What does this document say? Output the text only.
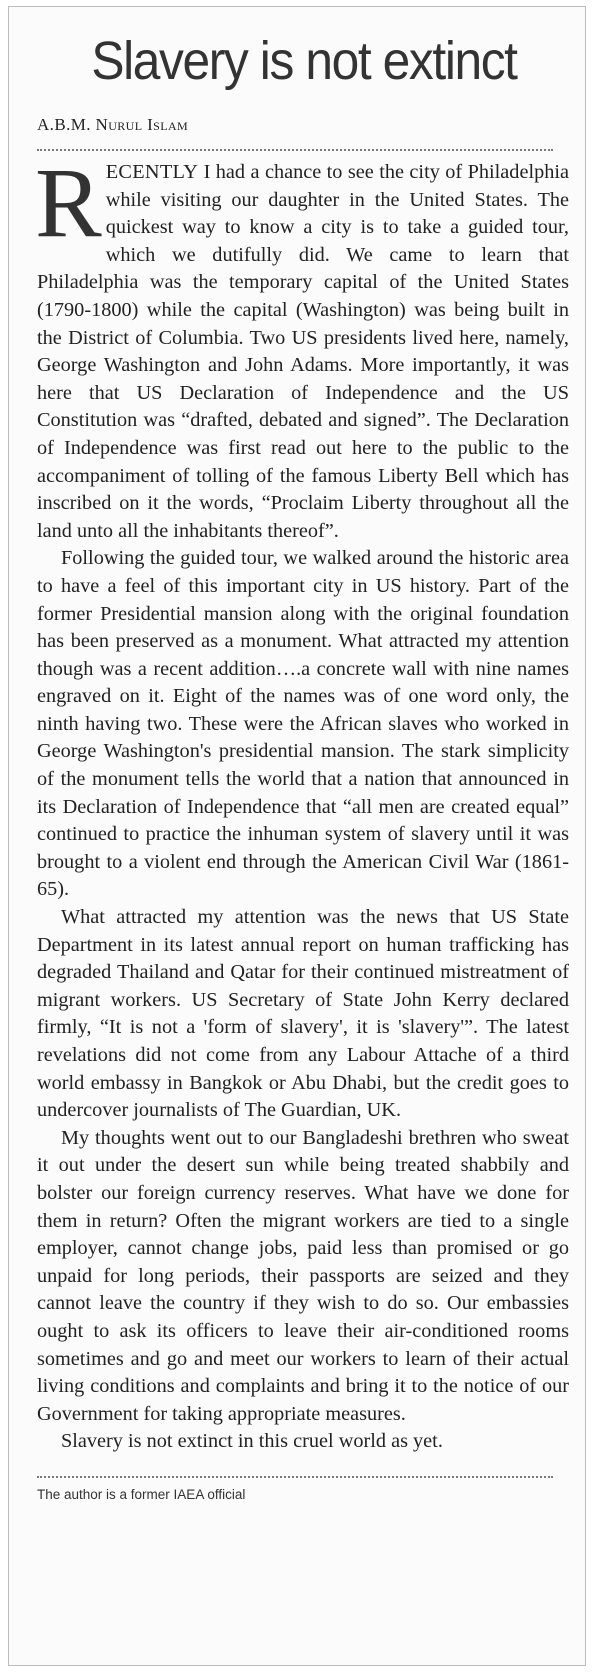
Slavery is not extinct
A.B.M. Nurul Islam

RECENTLY I had a chance to see the city of Philadelphia while visiting our daughter in the United States. The quickest way to know a city is to take a guided tour, which we dutifully did. We came to learn that Philadelphia was the temporary capital of the United States (1790-1800) while the capital (Washington) was being built in the District of Columbia. Two US presidents lived here, namely, George Washington and John Adams. More importantly, it was here that US Declaration of Independence and the US Constitution was “drafted, debated and signed”. The Declaration of Independence was first read out here to the public to the accompaniment of tolling of the famous Liberty Bell which has inscribed on it the words, “Proclaim Liberty throughout all the land unto all the inhabitants thereof”.

Following the guided tour, we walked around the historic area to have a feel of this important city in US history. Part of the former Presidential mansion along with the original foundation has been preserved as a monument. What attracted my attention though was a recent addition….a concrete wall with nine names engraved on it. Eight of the names was of one word only, the ninth having two. These were the African slaves who worked in George Washington's presidential mansion. The stark simplicity of the monument tells the world that a nation that announced in its Declaration of Independence that “all men are created equal” continued to practice the inhuman system of slavery until it was brought to a violent end through the American Civil War (1861-65).

What attracted my attention was the news that US State Department in its latest annual report on human trafficking has degraded Thailand and Qatar for their continued mistreatment of migrant workers. US Secretary of State John Kerry declared firmly, “It is not a 'form of slavery', it is 'slavery'”. The latest revelations did not come from any Labour Attache of a third world embassy in Bangkok or Abu Dhabi, but the credit goes to undercover journalists of The Guardian, UK.

My thoughts went out to our Bangladeshi brethren who sweat it out under the desert sun while being treated shabbily and bolster our foreign currency reserves. What have we done for them in return? Often the migrant workers are tied to a single employer, cannot change jobs, paid less than promised or go unpaid for long periods, their passports are seized and they cannot leave the country if they wish to do so. Our embassies ought to ask its officers to leave their air-conditioned rooms sometimes and go and meet our workers to learn of their actual living conditions and complaints and bring it to the notice of our Government for taking appropriate measures.

Slavery is not extinct in this cruel world as yet.

The author is a former IAEA official
